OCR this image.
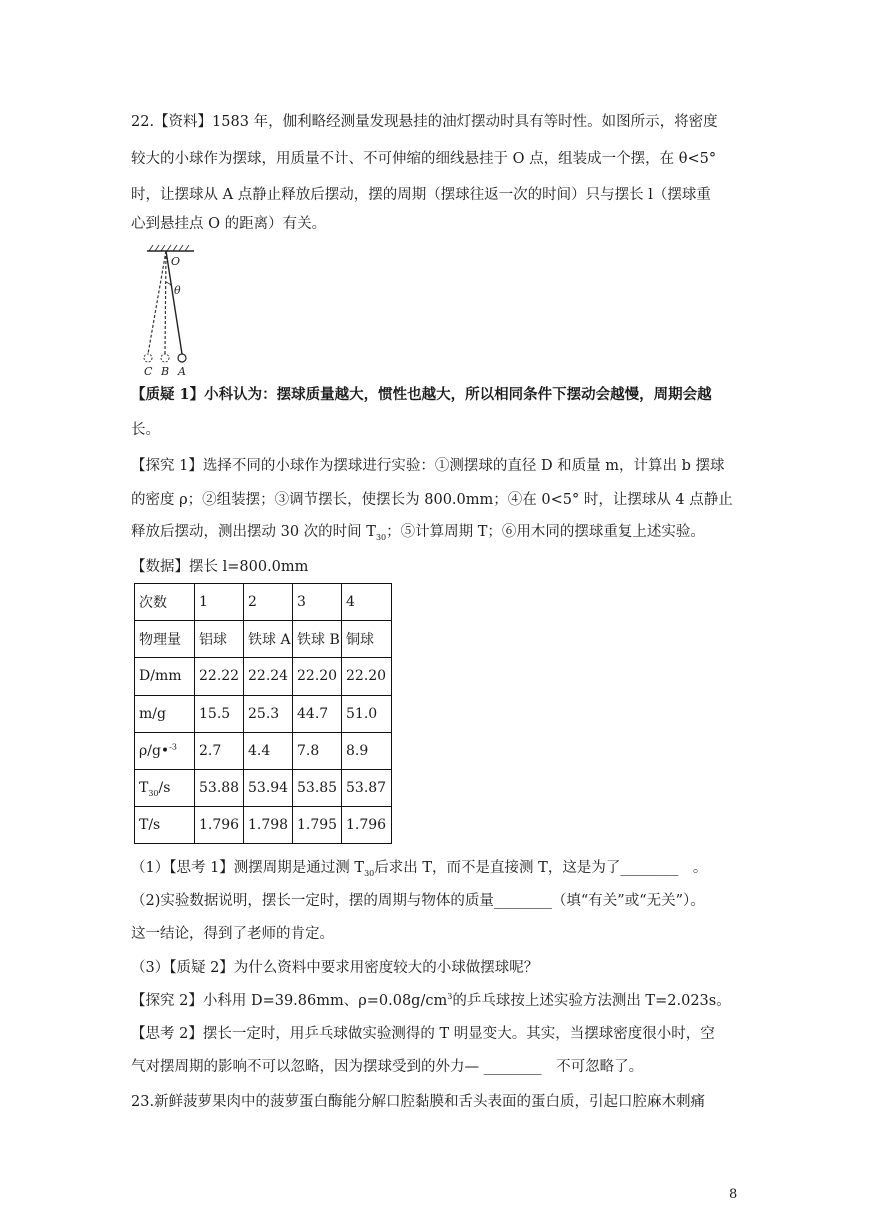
22.【资料】1583 年，伽利略经测量发现悬挂的油灯摆动时具有等时性。如图所示，将密度
较大的小球作为摆球，用质量不计、不可伸缩的细线悬挂于 O 点，组装成一个摆，在 θ<5°
时，让摆球从 A 点静止释放后摆动，摆的周期（摆球往返一次的时间）只与摆长 l（摆球重
心到悬挂点 O 的距离）有关。
O
θ
C B A
【质疑 1】小科认为：摆球质量越大，惯性也越大，所以相同条件下摆动会越慢，周期会越
长。
【探究 1】选择不同的小球作为摆球进行实验：①测摆球的直径 D 和质量 m，计算出 b 摆球
的密度 ρ；②组装摆；③调节摆长，使摆长为 800.0mm；④在 0<5° 时，让摆球从 4 点静止
释放后摆动，测出摆动 30 次的时间 $T_{30}$；⑤计算周期 T；⑥用木同的摆球重复上述实验。
【数据】摆长 l=800.0mm
次数	1	2	3	4
物理量	铝球	铁球 A	铁球 B	铜球
D/mm	22.22	22.24	22.20	22.20
m/g	15.5	25.3	44.7	51.0
ρ/g•$^{-3}$	2.7	4.4	7.8	8.9
$T_{30}/s$	53.88	53.94	53.85	53.87
T/s	1.796	1.798	1.795	1.796
（1）【思考 1】测摆周期是通过测 $T_{30}$后求出 T，而不是直接测 T，这是为了________　。
（2)实验数据说明，摆长一定时，摆的周期与物体的质量________（填“有关”或“无关”）。
这一结论，得到了老师的肯定。
（3）【质疑 2】为什么资料中要求用密度较大的小球做摆球呢？
【探究 2】小科用 D=39.86mm、$\rho=0.08g/cm^3$的乒乓球按上述实验方法测出 T=2.023s。
【思考 2】摆长一定时，用乒乓球做实验测得的 T 明显变大。其实，当摆球密度很小时，空
气对摆周期的影响不可以忽略，因为摆球受到的外力— ________　不可忽略了。
23.新鲜菠萝果肉中的菠萝蛋白酶能分解口腔黏膜和舌头表面的蛋白质，引起口腔麻木刺痛
8
